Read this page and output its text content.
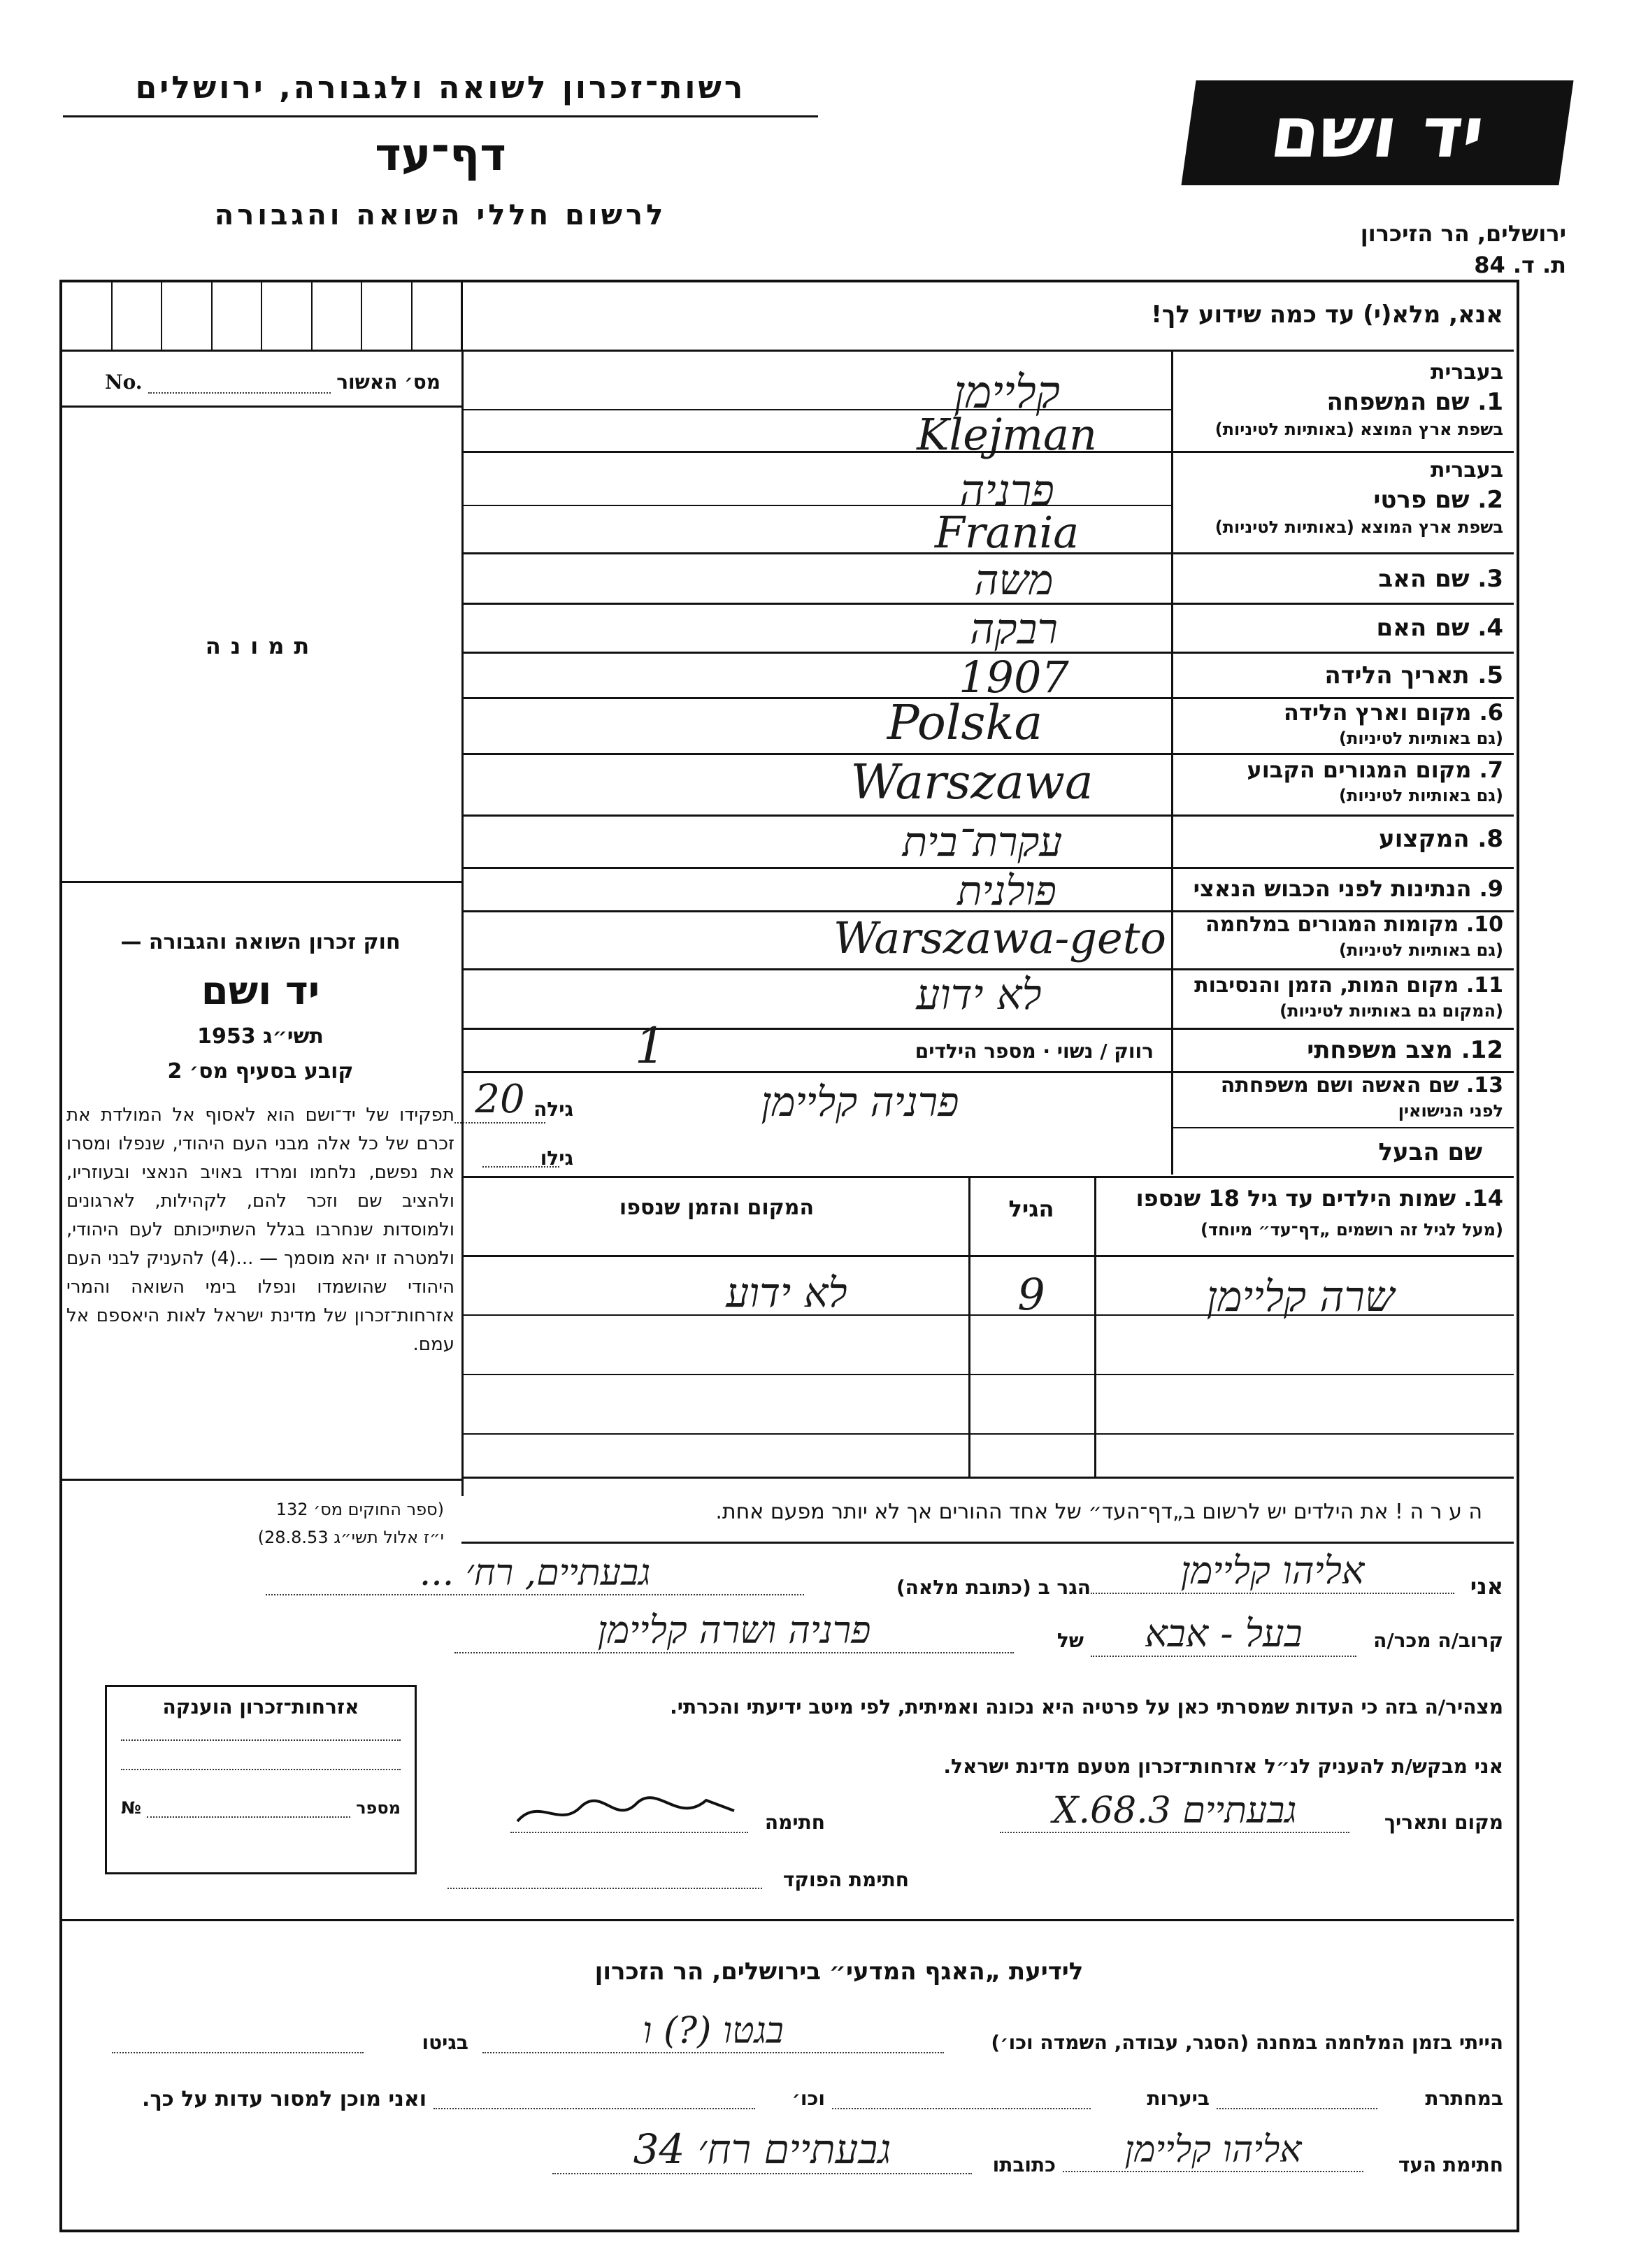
רשות־זכרון לשואה ולגבורה, ירושלים
דף־עד
לרשום חללי השואה והגבורה
יד ושם
ירושלים, הר הזיכרון
ת. ד. 84
אנא, מלא(י) עד כמה שידוע לך!
No.	מס׳ האשור
תמונה
חוק זכרון השואה והגבורה —
יד ושם
תשי״ג 1953
קובע בסעיף מס׳ 2
תפקידו של יד־ושם הוא לאסוף אל המולדת את זכרם של כל אלה מבני העם היהודי, שנפלו ומסרו את נפשם, נלחמו ומרדו באויב הנאצי ובעוזריו, ולהציב שם וזכר להם, לקהילות, לארגונים ולמוסדות שנחרבו בגלל השתייכותם לעם היהודי, ולמטרה זו יהא מוסמך — ...(4) להעניק לבני העם היהודי שהושמדו ונפלו בימי השואה והמרי אזרחות־זכרון של מדינת ישראל לאות היאספם אל עמם.
(ספר החוקים מס׳ 132
י״ז אלול תשי״ג 28.8.53)
בעברית
1. שם המשפחה
בשפת ארץ המוצא (באותיות לטיניות)
קליימן
Klejman
בעברית
2. שם פרטי
בשפת ארץ המוצא (באותיות לטיניות)
פרניה
Frania
3. שם האב
משה
4. שם האם
רבקה
5. תאריך הלידה
1907
6. מקום וארץ הלידה
(גם באותיות לטיניות)
Polska
7. מקום המגורים הקבוע
(גם באותיות לטיניות)
Warszawa
8. המקצוע
עקרת־בית
9. הנתינות לפני הכבוש הנאצי
פולנית
10. מקומות המגורים במלחמה
(גם באותיות לטיניות)
Warszawa-geto
11. מקום המות, הזמן והנסיבות
(המקום גם באותיות לטיניות)
לא ידוע
12. מצב משפחתי
רווק / נשוי · מספר הילדים
1
13. שם האשה ושם משפחתה
לפני הנישואין
פרניה קליימן
גילה
20
שם הבעל
גילו
14. שמות הילדים עד גיל 18 שנספו
(מעל לגיל זה רושמים „דף־עד״ מיוחד)
הגיל
המקום והזמן שנספו
שרה קליימן
9
לא ידוע
ה ע ר ה ! את הילדים יש לרשום ב„דף־העד״ של אחד ההורים אך לא יותר מפעם אחת.
אני
אליהו קליימן
הגר ב (כתובת מלאה)
גבעתיים, רח׳ ...
קרוב/ה מכר/ה
בעל - אבא
של
פרניה ושרה קליימן
מצהיר/ה בזה כי העדות שמסרתי כאן על פרטיה היא נכונה ואמיתית, לפי מיטב ידיעתי והכרתי.
אני מבקש/ת להעניק לנ״ל אזרחות־זכרון מטעם מדינת ישראל.
מקום ותאריך
גבעתיים 3.X.68
חתימה
חתימת הפוקד
אזרחות־זכרון הוענקה
№	מספר
לידיעת „האגף המדעי״ בירושלים, הר הזכרון
הייתי בזמן המלחמה במחנה (הסגר, עבודה, השמדה וכו׳)
בגטו (?) ו
בגיטו
במחתרת
ביערות
וכו׳
ואני מוכן למסור עדות על כך.
חתימת העד
אליהו קליימן
כתובתו
גבעתיים רח׳ 34
